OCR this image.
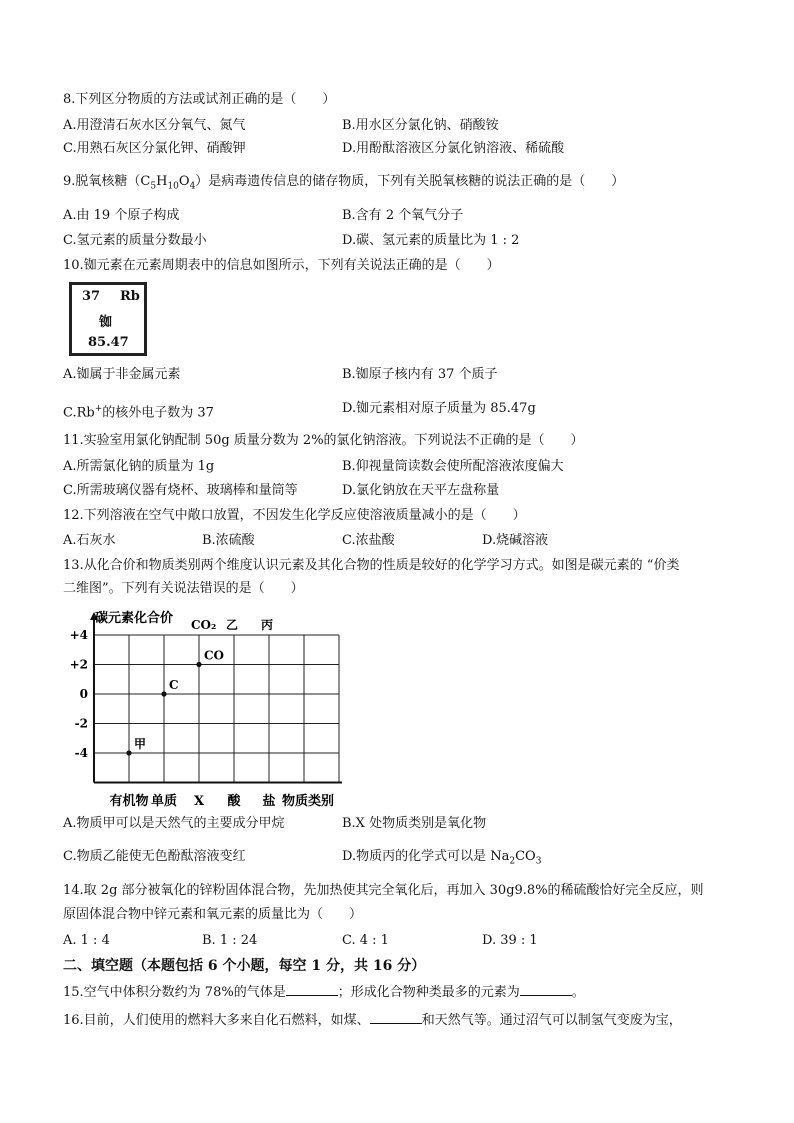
8.下列区分物质的方法或试剂正确的是（　　）
A.用澄清石灰水区分氧气、氮气	B.用水区分氯化钠、硝酸铵
C.用熟石灰区分氯化钾、硝酸钾	D.用酚酞溶液区分氯化钠溶液、稀硫酸
9.脱氧核糖$(C_5H_{10}O_4)$是病毒遗传信息的储存物质，下列有关脱氧核糖的说法正确的是（　　）
A.由 19 个原子构成	B.含有 2 个氧气分子
C.氢元素的质量分数最小	D.碳、氢元素的质量比为 1 : 2
10.铷元素在元素周期表中的信息如图所示，下列有关说法正确的是（　　）
37 Rb
铷
85.47
A.铷属于非金属元素	B.铷原子核内有 37 个质子
C.Rb+的核外电子数为 37	D.铷元素相对原子质量为 85.47g
11.实验室用氯化钠配制 50g 质量分数为 2%的氯化钠溶液。下列说法不正确的是（　　）
A.所需氯化钠的质量为 1g	B.仰视量筒读数会使所配溶液浓度偏大
C.所需玻璃仪器有烧杯、玻璃棒和量筒等	D.氯化钠放在天平左盘称量
12.下列溶液在空气中敞口放置，不因发生化学反应使溶液质量减小的是（　　）
A.石灰水	B.浓硫酸	C.浓盐酸	D.烧碱溶液
13.从化合价和物质类别两个维度认识元素及其化合物的性质是较好的化学学习方式。如图是碳元素的 “价类
二维图”。下列有关说法错误的是（　　）
+4
+2
0
-2
-4
有机物 单质 X 酸 盐
甲
C
CO
CO₂ 乙 丙
碳元素化合价
物质类别
A.物质甲可以是天然气的主要成分甲烷	B.X 处物质类别是氧化物
C.物质乙能使无色酚酞溶液变红	D.物质丙的化学式可以是 $Na_2CO_3$
14.取 2g 部分被氧化的锌粉固体混合物，先加热使其完全氧化后，再加入 30g9.8%的稀硫酸恰好完全反应，则
原固体混合物中锌元素和氧元素的质量比为（　　）
A. 1 : 4	B. 1 : 24	C. 4 : 1	D. 39 : 1
二、填空题（本题包括 6 个小题，每空 1 分，共 16 分）
15.空气中体积分数约为 78%的气体是	；形成化合物种类最多的元素为	。
16.目前，人们使用的燃料大多来自化石燃料，如煤、	和天然气等。通过沼气可以制氢气变废为宝，
